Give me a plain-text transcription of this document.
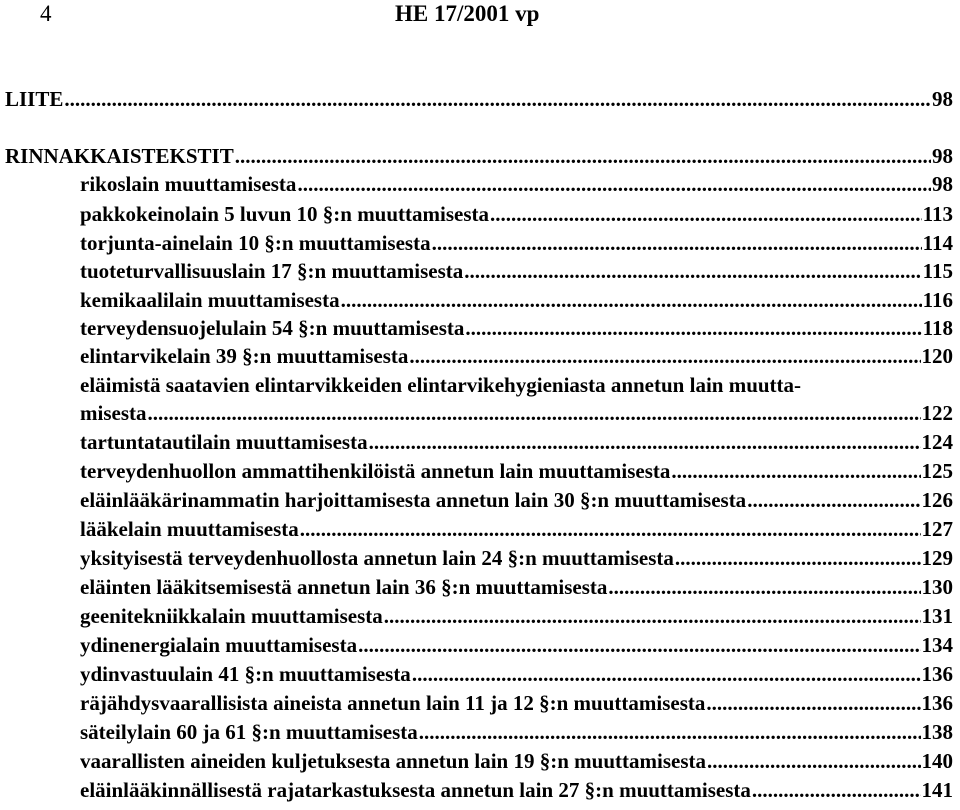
4	HE 17/2001 vp
LIITE .....	98
RINNAKKAISTEKSTIT .....	98
rikoslain muuttamisesta .....	98
pakkokeinolain 5 luvun 10 §:n muuttamisesta .....	113
torjunta-ainelain 10 §:n muuttamisesta .....	114
tuoteturvallisuuslain 17 §:n muuttamisesta .....	115
kemikaalilain muuttamisesta .....	116
terveydensuojelulain 54 §:n muuttamisesta .....	118
elintarvikelain 39 §:n muuttamisesta .....	120
eläimistä saatavien elintarvikkeiden elintarvikehygieniasta annetun lain muutta-
misesta .....	122
tartuntatautilain muuttamisesta .....	124
terveydenhuollon ammattihenkilöistä annetun lain muuttamisesta .....	125
eläinlääkärinammatin harjoittamisesta annetun lain 30 §:n muuttamisesta .....	126
lääkelain muuttamisesta .....	127
yksityisestä terveydenhuollosta annetun lain 24 §:n muuttamisesta .....	129
eläinten lääkitsemisestä annetun lain 36 §:n muuttamisesta .....	130
geenitekniikkalain muuttamisesta .....	131
ydinenergialain muuttamisesta .....	134
ydinvastuulain 41 §:n muuttamisesta .....	136
räjähdysvaarallisista aineista annetun lain 11 ja 12 §:n muuttamisesta .....	136
säteilylain 60 ja 61 §:n muuttamisesta .....	138
vaarallisten aineiden kuljetuksesta annetun lain 19 §:n muuttamisesta .....	140
eläinlääkinnällisestä rajatarkastuksesta annetun lain 27 §:n muuttamisesta .....	141
